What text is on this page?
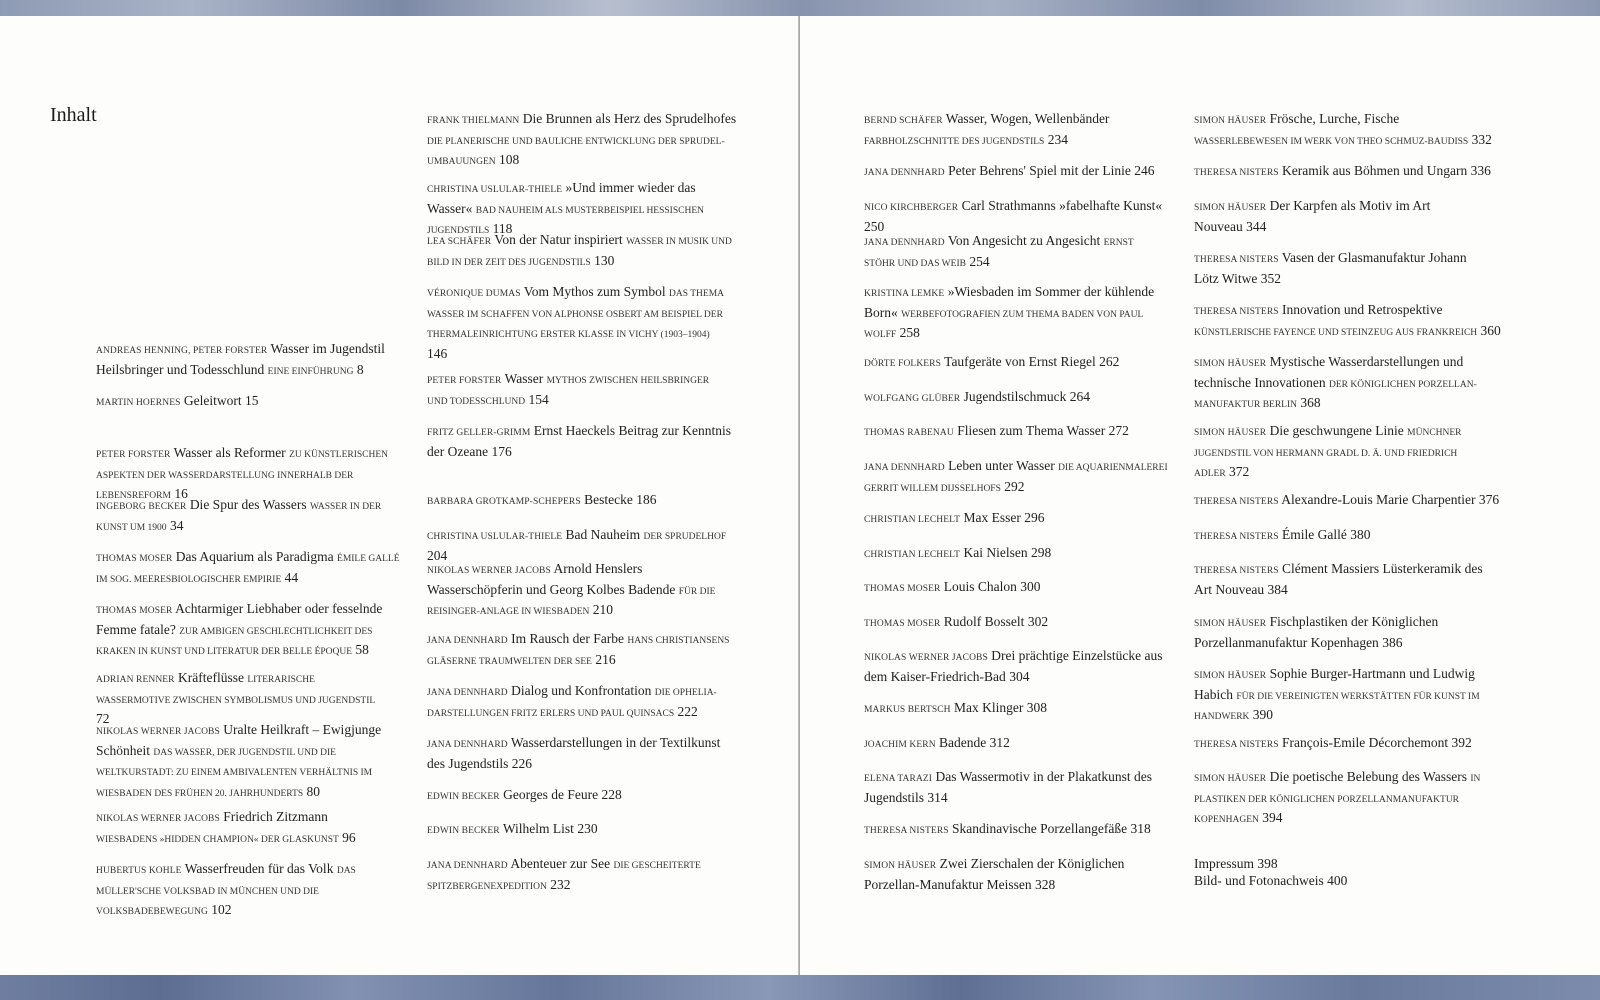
Inhalt
ANDREAS HENNING, PETER FORSTER Wasser im Jugendstil Heilsbringer und Todesschlund EINE EINFÜHRUNG 8
MARTIN HOERNES Geleitwort 15
PETER FORSTER Wasser als Reformer ZU KÜNSTLERISCHEN ASPEKTEN DER WASSERDARSTELLUNG INNERHALB DER LEBENSREFORM 16
INGEBORG BECKER Die Spur des Wassers WASSER IN DER KUNST UM 1900 34
THOMAS MOSER Das Aquarium als Paradigma ÉMILE GALLÉ IM SOG. MEERESBIOLOGISCHER EMPIRIE 44
THOMAS MOSER Achtarmiger Liebhaber oder fesselnde Femme fatale? ZUR AMBIGEN GESCHLECHTLICHKEIT DES KRAKEN IN KUNST UND LITERATUR DER BELLE ÉPOQUE 58
ADRIAN RENNER Kräfteflüsse LITERARISCHE WASSERMOTIVE ZWISCHEN SYMBOLISMUS UND JUGENDSTIL 72
NIKOLAS WERNER JACOBS Uralte Heilkraft – Ewigjunge Schönheit DAS WASSER, DER JUGENDSTIL UND DIE WELTKURSTADT: ZU EINEM AMBIVALENTEN VERHÄLTNIS IM WIESBADEN DES FRÜHEN 20. JAHRHUNDERTS 80
NIKOLAS WERNER JACOBS Friedrich Zitzmann WIESBADENS »HIDDEN CHAMPION« DER GLASKUNST 96
HUBERTUS KOHLE Wasserfreuden für das Volk DAS MÜLLER'SCHE VOLKSBAD IN MÜNCHEN UND DIE VOLKSBADEBEWEGUNG 102
FRANK THIELMANN Die Brunnen als Herz des Sprudelhofes DIE PLANERISCHE UND BAULICHE ENTWICKLUNG DER SPRUDELUMBAUUNGEN 108
CHRISTINA USLULAR-THIELE »Und immer wieder das Wasser« BAD NAUHEIM ALS MUSTERBEISPIEL HESSISCHEN JUGENDSTILS 118
LEA SCHÄFER Von der Natur inspiriert WASSER IN MUSIK UND BILD IN DER ZEIT DES JUGENDSTILS 130
VÉRONIQUE DUMAS Vom Mythos zum Symbol DAS THEMA WASSER IM SCHAFFEN VON ALPHONSE OSBERT AM BEISPIEL DER THERMALEINRICHTUNG ERSTER KLASSE IN VICHY (1903–1904) 146
PETER FORSTER Wasser MYTHOS ZWISCHEN HEILSBRINGER UND TODESSCHLUND 154
FRITZ GELLER-GRIMM Ernst Haeckels Beitrag zur Kenntnis der Ozeane 176
BARBARA GROTKAMP-SCHEPERS Bestecke 186
CHRISTINA USLULAR-THIELE Bad Nauheim DER SPRUDELHOF 204
NIKOLAS WERNER JACOBS Arnold Henslers Wasserschöpferin und Georg Kolbes Badende FÜR DIE REISINGER-ANLAGE IN WIESBADEN 210
JANA DENNHARD Im Rausch der Farbe HANS CHRISTIANSENS GLÄSERNE TRAUMWELTEN DER SEE 216
JANA DENNHARD Dialog und Konfrontation DIE OPHELIA-DARSTELLUNGEN FRITZ ERLERS UND PAUL QUINSACS 222
JANA DENNHARD Wasserdarstellungen in der Textilkunst des Jugendstils 226
EDWIN BECKER Georges de Feure 228
EDWIN BECKER Wilhelm List 230
JANA DENNHARD Abenteuer zur See DIE GESCHEITERTE SPITZBERGENEXPEDITION 232
BERND SCHÄFER Wasser, Wogen, Wellenbänder FARBHOLZSCHNITTE DES JUGENDSTILS 234
JANA DENNHARD Peter Behrens' Spiel mit der Linie 246
NICO KIRCHBERGER Carl Strathmanns »fabelhafte Kunst« 250
JANA DENNHARD Von Angesicht zu Angesicht ERNST STÖHR UND DAS WEIB 254
KRISTINA LEMKE »Wiesbaden im Sommer der kühlende Born« WERBEFOTOGRAFIEN ZUM THEMA BADEN VON PAUL WOLFF 258
DÖRTE FOLKERS Taufgeräte von Ernst Riegel 262
WOLFGANG GLÜBER Jugendstilschmuck 264
THOMAS RABENAU Fliesen zum Thema Wasser 272
JANA DENNHARD Leben unter Wasser DIE AQUARIENMALEREI GERRIT WILLEM DIJSSELHOFS 292
CHRISTIAN LECHELT Max Esser 296
CHRISTIAN LECHELT Kai Nielsen 298
THOMAS MOSER Louis Chalon 300
THOMAS MOSER Rudolf Bosselt 302
NIKOLAS WERNER JACOBS Drei prächtige Einzelstücke aus dem Kaiser-Friedrich-Bad 304
MARKUS BERTSCH Max Klinger 308
JOACHIM KERN Badende 312
ELENA TARAZI Das Wassermotiv in der Plakatkunst des Jugendstils 314
THERESA NISTERS Skandinavische Porzellangefäße 318
SIMON HÄUSER Zwei Zierschalen der Königlichen Porzellan-Manufaktur Meissen 328
SIMON HÄUSER Frösche, Lurche, Fische WASSERLEBEWESEN IM WERK VON THEO SCHMUZ-BAUDISS 332
THERESA NISTERS Keramik aus Böhmen und Ungarn 336
SIMON HÄUSER Der Karpfen als Motiv im Art Nouveau 344
THERESA NISTERS Vasen der Glasmanufaktur Johann Lötz Witwe 352
THERESA NISTERS Innovation und Retrospektive KÜNSTLERISCHE FAYENCE UND STEINZEUG AUS FRANKREICH 360
SIMON HÄUSER Mystische Wasserdarstellungen und technische Innovationen DER KÖNIGLICHEN PORZELLAN-MANUFAKTUR BERLIN 368
SIMON HÄUSER Die geschwungene Linie MÜNCHNER JUGENDSTIL VON HERMANN GRADL D. Ä. UND FRIEDRICH ADLER 372
THERESA NISTERS Alexandre-Louis Marie Charpentier 376
THERESA NISTERS Émile Gallé 380
THERESA NISTERS Clément Massiers Lüsterkeramik des Art Nouveau 384
SIMON HÄUSER Fischplastiken der Königlichen Porzellanmanufaktur Kopenhagen 386
SIMON HÄUSER Sophie Burger-Hartmann und Ludwig Habich FÜR DIE VEREINIGTEN WERKSTÄTTEN FÜR KUNST IM HANDWERK 390
THERESA NISTERS François-Emile Décorchemont 392
SIMON HÄUSER Die poetische Belebung des Wassers IN PLASTIKEN DER KÖNIGLICHEN PORZELLANMANUFAKTUR KOPENHAGEN 394
Impressum 398
Bild- und Fotonachweis 400
